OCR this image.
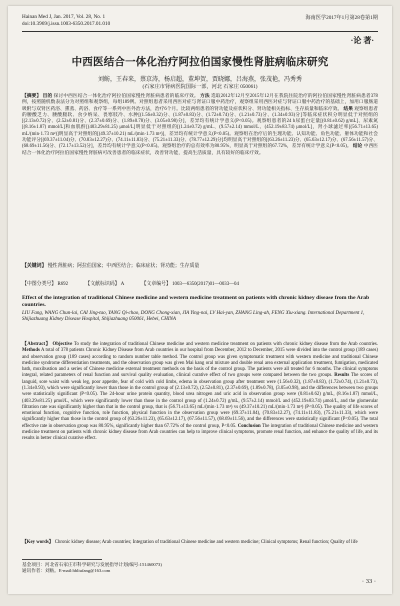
Hainan Med J, Jan. 2017, Vol. 28, No. 1
doi:10.3969/j.issn.1003-6350.2017.01.010
海南医学2017年1月第28卷第1期
·论 著·
中西医结合一体化治疗阿拉伯国家慢性肾脏病临床研究
刘鲂，王春来，蔡京涛，杨启超，董坤贺，贾晓娜，吕海燕，张茂艳，冯秀秀
(石家庄市肾病医院国际一部，河北 石家庄 050061)
【摘要】 目的 探讨中西医结合一体化治疗阿拉伯国家慢性肾脏病患者的临床疗效。 方法 选取2012年12月至2015年12月在我院住院治疗的阿拉伯国家慢性肾脏病患者378例，按照随机数表法分为对照组和观察组，每组189例。对照组患者采用西医对症与肾证口服中药治疗，观察组采用西医对症与肾证口服中药治疗的基础上，加用口服肠道吸附与双肾区药浴、熏蒸、药浴、食疗等一系列中医外治方法，治疗6个月。比较两组患者的肾功能及症状积分、肾功能相关指标、生存质量和临床疗效。 结果 观察组患者的腰酸乏力、腰酸腿软、食少纳呆、畏寒肢冷、水肿[(1.56±0.32)分、(1.87±0.83)分、(1.72±0.74)分、(1.21±0.73)分、(1.34±0.93)分]等临床症状积分明显低于对照组的[(2.13±0.72)分、(2.52±0.81)分、(2.37±0.69)分、(1.89±0.78)分、(3.05±0.98)分]，差异均有统计学意义(P<0.05)。观察组患者的24 h尿蛋白定量[(0.81±0.62) g/mL]、尿素氮[(8.16±1.87) mmol/L]和血肌酐[(403.29±81.25) μmol/L]明显低于对照组的[(1.24±0.72) g/mL、(9.57±2.14) mmol/L、(452.19±83.74) μmol/L]，肾小球滤过率[(56.71±13.65) mL/(min·1.73 m²)]明显高于对照组的[(49.37±10.21) mL/(min·1.73 m²)]，差异均有统计学意义(P<0.05)。观察组在治疗后的生理功能、认知功能、角色功能、躯体功能和社会功能评分[(69.37±11.04)分、(70.83±12.27)分、(74.11±11.83)分、(75.21±11.33)分、(78.77±12.29)分]均明显高于对照组的[(63.26±11.23)分、(65.63±12.17)分、(67.56±11.57)分、(68.69±11.56)分、(72.17±13.52)分]，差异均有统计学意义(P<0.05)。观察组治疗的总有效率为80.95%，明显高于对照组的67.72%，差异有统计学意义(P<0.05)。 结论 中西医结合一体化治疗阿拉伯国家慢性肾脏病可改善患者的临床症状，改善肾功能，提高生活质量，具有较好的临床疗效。
【关键词】 慢性肾脏病；阿拉伯国家；中西医结合；临床症状；肾功能；生存质量
【中图分类号】 R692	【文献标识码】 A	【文章编号】 1003—6350(2017)01—0033—04
Effect of the integration of traditional Chinese medicine and western medicine treatment on patients with chronic kidney disease from the Arab countries.
LIU Fang, WANG Chun-lai, CAI Jing-tao, YANG Qi-chao, DONG Chong-xian, JIA Ying-nai, LV Hai-yan, ZHANG Ling-ah, FENG Xiu-xiang. International Department 1, Shijiazhuang Kidney Disease Hospital, Shijiazhuang 050061, Hebei, CHINA
【Abstract】 Objective To study the integration of traditional Chinese medicine and western medicine treatment on patients with chronic kidney disease from the Arab countries. Methods A total of 378 patients Chronic Kidney Disease from Arab countries in our hospital from December, 2012 to December, 2015 were divided into the control group (189 cases) and observation group (189 cases) according to random number table method. The control group was given symptomatic treatment with western medicine and traditional Chinese medicine syndrome differentiation treatments, and the observation group was given Mai kang oral mixture and double renal area external application treatment, fumigation, medicated bath, moxibustion and a series of Chinese medicine external treatment methods on the basis of the control group. The patients were all treated for 6 months. The clinical symptoms integral, related parameters of renal function and survival quality evaluation, clinical curative effect of two groups were compared between the two groups. Results The scores of languid, sore waist with weak leg, poor appetite, fear of cold with cold limbs, edema in observation group after treatment were (1.56±0.32), (1.87±0.83), (1.72±0.74), (1.21±0.73), (1.34±0.93), which were significantly lower than those in the control group of (2.13±0.72), (2.52±0.81), (2.37±0.69), (1.89±0.78), (3.05±0.98), and the differences between two groups were statistically significant (P<0.05). The 24-hour urine protein quantity, blood urea nitrogen and uric acid in observation group were (0.81±0.62) g/mL, (8.16±1.87) mmol/L, (403.29±81.25) μmol/L, which were significantly lower than those in the control group of (1.24±0.72) g/mL, (9.57±2.14) mmol/L and (452.19±83.74) μmol/L, and the glomerular filtration rate was significantly higher than that in the control group, that is (56.71±13.65) mL/(min·1.73 m²) vs (49.37±10.21) mL/(min·1.73 m²) (P<0.05). The quality of life scores of emotional function, cognitive function, role function, physical function in the observation group were (69.37±11.04), (70.83±12.27), (74.11±11.83), (75.21±11.33), which were significantly higher than those in the control group of (63.26±11.23), (65.63±12.17), (67.56±11.57), (68.69±11.56), and the differences were statistically significant (P<0.05). The total effective rate in observation group was 80.95%, significantly higher than 67.72% of the control group, P<0.05. Conclusion The integration of traditional Chinese medicine and western medicine treatment on patients with chronic kidney disease from Arab countries can help to improve clinical symptoms, promote renal function, and enhance the quality of life, and its results in better clinical curative effect.
【Key words】 Chronic kidney disease; Arab countries; Integration of traditional Chinese medicine and western medicine; Clinical symptoms; Renal function; Quality of life
基金项目：河北省石家庄市科学研究与发展指导计划(编号:151460073)
通讯作者：刘鲂。E-mail:hbliufang@163.com
· 33 ·
